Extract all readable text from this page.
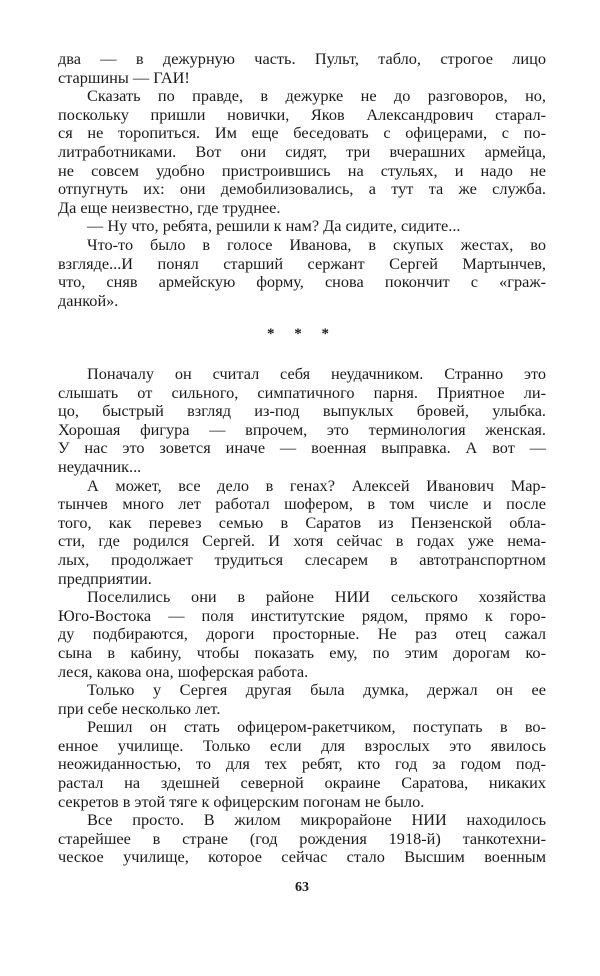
два — в дежурную часть. Пульт, табло, строгое лицо
старшины — ГАИ!
Сказать по правде, в дежурке не до разговоров, но,
поскольку пришли новички, Яков Александрович старал-
ся не торопиться. Им еще беседовать с офицерами, с по-
литработниками. Вот они сидят, три вчерашних армейца,
не совсем удобно пристроившись на стульях, и надо не
отпугнуть их: они демобилизовались, а тут та же служба.
Да еще неизвестно, где труднее.
— Ну что, ребята, решили к нам? Да сидите, сидите...
Что-то было в голосе Иванова, в скупых жестах, во
взгляде...И понял старший сержант Сергей Мартынчев,
что, сняв армейскую форму, снова покончит с «граж-
данкой».
* * *
Поначалу он считал себя неудачником. Странно это
слышать от сильного, симпатичного парня. Приятное ли-
цо, быстрый взгляд из-под выпуклых бровей, улыбка.
Хорошая фигура — впрочем, это терминология женская.
У нас это зовется иначе — военная выправка. А вот —
неудачник...
А может, все дело в генах? Алексей Иванович Мар-
тынчев много лет работал шофером, в том числе и после
того, как перевез семью в Саратов из Пензенской обла-
сти, где родился Сергей. И хотя сейчас в годах уже нема-
лых, продолжает трудиться слесарем в автотранспортном
предприятии.
Поселились они в районе НИИ сельского хозяйства
Юго-Востока — поля институтские рядом, прямо к горо-
ду подбираются, дороги просторные. Не раз отец сажал
сына в кабину, чтобы показать ему, по этим дорогам ко-
леся, какова она, шоферская работа.
Только у Сергея другая была думка, держал он ее
при себе несколько лет.
Решил он стать офицером-ракетчиком, поступать в во-
енное училище. Только если для взрослых это явилось
неожиданностью, то для тех ребят, кто год за годом под-
растал на здешней северной окраине Саратова, никаких
секретов в этой тяге к офицерским погонам не было.
Все просто. В жилом микрорайоне НИИ находилось
старейшее в стране (год рождения 1918-й) танкотехни-
ческое училище, которое сейчас стало Высшим военным
63
